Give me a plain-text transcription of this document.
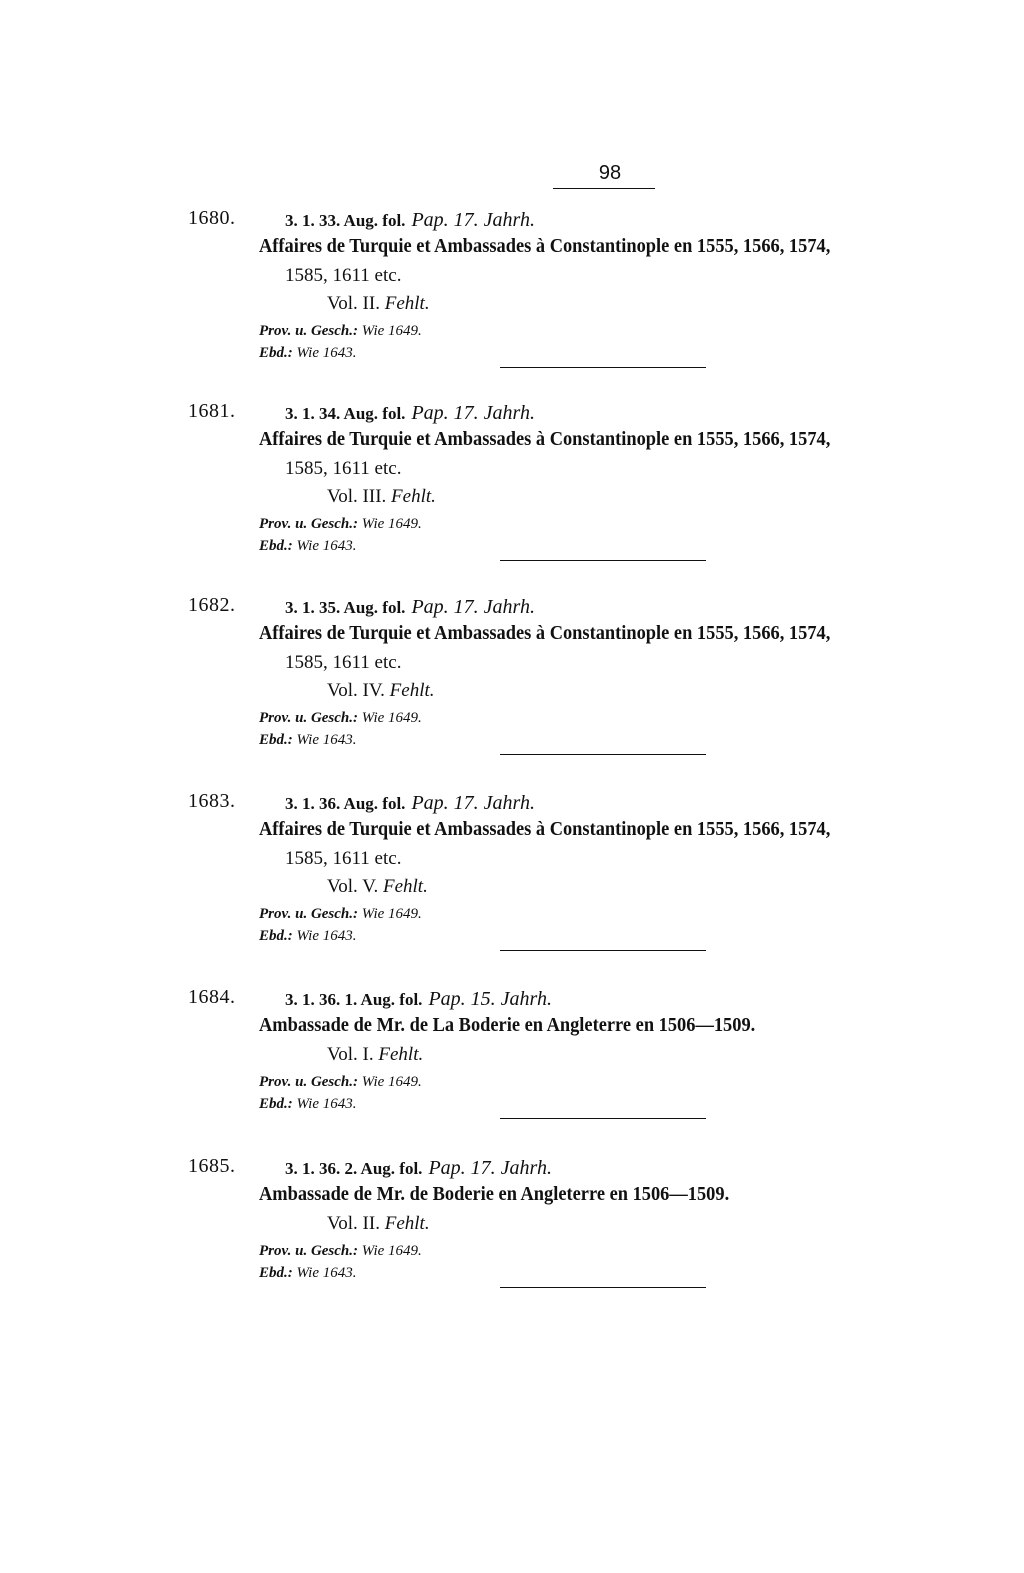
98
1680.	3. 1. 33. Aug. fol. Pap. 17. Jahrh.
Affaires de Turquie et Ambassades à Constantinople en 1555, 1566, 1574,
1585, 1611 etc.
Vol. II. Fehlt.
Prov. u. Gesch.: Wie 1649.
Ebd.: Wie 1643.
1681.	3. 1. 34. Aug. fol. Pap. 17. Jahrh.
Affaires de Turquie et Ambassades à Constantinople en 1555, 1566, 1574,
1585, 1611 etc.
Vol. III. Fehlt.
Prov. u. Gesch.: Wie 1649.
Ebd.: Wie 1643.
1682.	3. 1. 35. Aug. fol. Pap. 17. Jahrh.
Affaires de Turquie et Ambassades à Constantinople en 1555, 1566, 1574,
1585, 1611 etc.
Vol. IV. Fehlt.
Prov. u. Gesch.: Wie 1649.
Ebd.: Wie 1643.
1683.	3. 1. 36. Aug. fol. Pap. 17. Jahrh.
Affaires de Turquie et Ambassades à Constantinople en 1555, 1566, 1574,
1585, 1611 etc.
Vol. V. Fehlt.
Prov. u. Gesch.: Wie 1649.
Ebd.: Wie 1643.
1684.	3. 1. 36. 1. Aug. fol. Pap. 15. Jahrh.
Ambassade de Mr. de La Boderie en Angleterre en 1506—1509.
Vol. I. Fehlt.
Prov. u. Gesch.: Wie 1649.
Ebd.: Wie 1643.
1685.	3. 1. 36. 2. Aug. fol. Pap. 17. Jahrh.
Ambassade de Mr. de Boderie en Angleterre en 1506—1509.
Vol. II. Fehlt.
Prov. u. Gesch.: Wie 1649.
Ebd.: Wie 1643.
